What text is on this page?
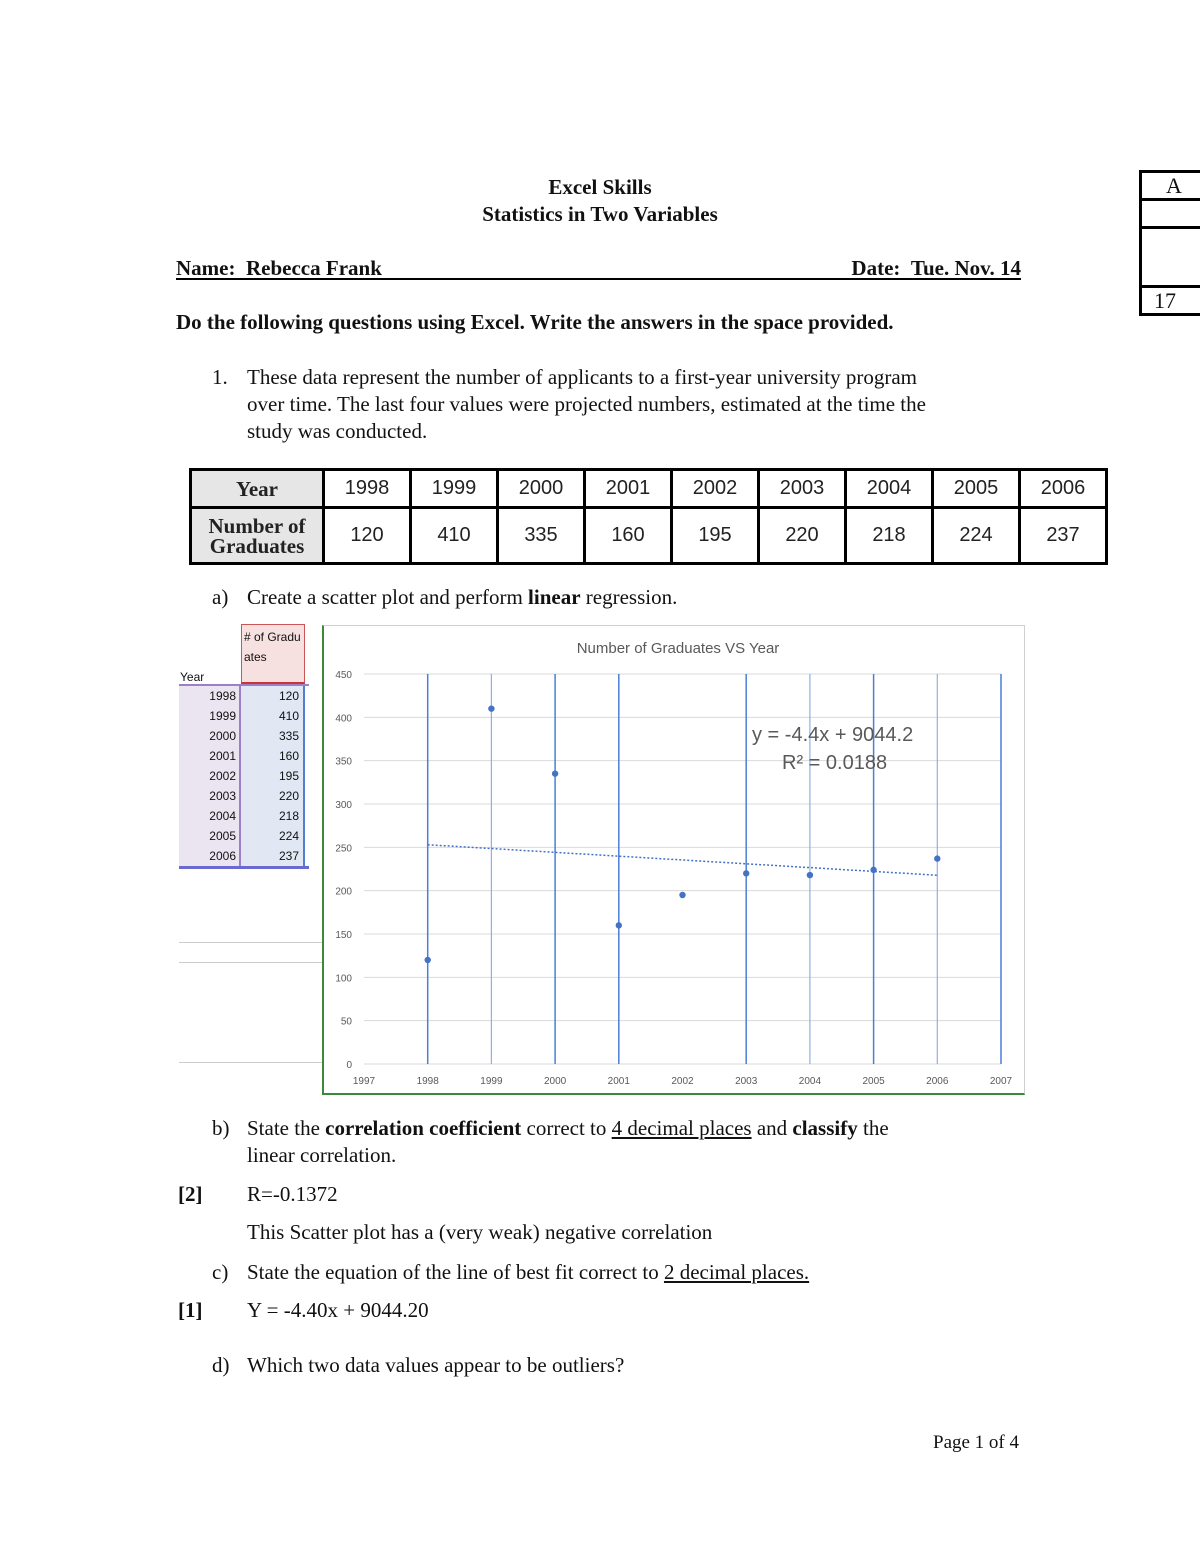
Excel Skills
Statistics in Two Variables
Name: Rebecca Frank	Date: Tue. Nov. 14
A
17
Do the following questions using Excel. Write the answers in the space provided.
1. These data represent the number of applicants to a first-year university program
over time. The last four values were projected numbers, estimated at the time the
study was conducted.
Year	1998	1999	2000	2001	2002	2003	2004	2005	2006
Number of Graduates	120	410	335	160	195	220	218	224	237
a) Create a scatter plot and perform linear regression.
Year
# of Graduates
1998	120
1999	410
2000	335
2001	160
2002	195
2003	220
2004	218
2005	224
2006	237
Number of Graduates VS Year
1997	1998	1999	2000	2001	2002	2003	2004	2005	2006	2007
0
50
100
150
200
250
300
350
400
450
y = -4.4x + 9044.2
R² = 0.0188
b) State the correlation coefficient correct to 4 decimal places and classify the
linear correlation.
[2] R=-0.1372
This Scatter plot has a (very weak) negative correlation
c) State the equation of the line of best fit correct to 2 decimal places.
[1] Y = -4.40x + 9044.20
d) Which two data values appear to be outliers?
Page 1 of 4
